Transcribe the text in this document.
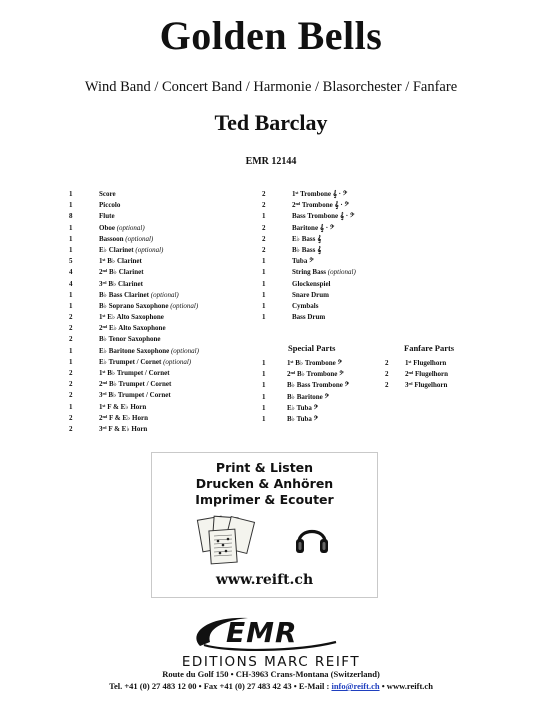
Golden Bells
Wind Band / Concert Band / Harmonie / Blasorchester / Fanfare
Ted Barclay
EMR 12144
1	Score
1	Piccolo
8	Flute
1	Oboe (optional)
1	Bassoon (optional)
1	E♭ Clarinet (optional)
5	1ˢᵗ B♭ Clarinet
4	2ⁿᵈ B♭ Clarinet
4	3ʳᵈ B♭ Clarinet
1	B♭ Bass Clarinet (optional)
1	B♭ Soprano Saxophone (optional)
2	1ˢᵗ E♭ Alto Saxophone
2	2ⁿᵈ E♭ Alto Saxophone
2	B♭ Tenor Saxophone
1	E♭ Baritone Saxophone (optional)
1	E♭ Trumpet / Cornet (optional)
2	1ˢᵗ B♭ Trumpet / Cornet
2	2ⁿᵈ B♭ Trumpet / Cornet
2	3ʳᵈ B♭ Trumpet / Cornet
1	1ˢᵗ F & E♭ Horn
2	2ⁿᵈ F & E♭ Horn
2	3ʳᵈ F & E♭ Horn
2	1ˢᵗ Trombone 𝄞 · 𝄢
2	2ⁿᵈ Trombone 𝄞 · 𝄢
1	Bass Trombone 𝄞 · 𝄢
2	Baritone 𝄞 · 𝄢
2	E♭ Bass 𝄞
2	B♭ Bass 𝄞
1	Tuba 𝄢
1	String Bass (optional)
1	Glockenspiel
1	Snare Drum
1	Cymbals
1	Bass Drum
Special Parts	Fanfare Parts
1	1ˢᵗ B♭ Trombone 𝄢
1	2ⁿᵈ B♭ Trombone 𝄢
1	B♭ Bass Trombone 𝄢
1	B♭ Baritone 𝄢
1	E♭ Tuba 𝄢
1	B♭ Tuba 𝄢
2	1ˢᵗ Flugelhorn
2	2ⁿᵈ Flugelhorn
2	3ʳᵈ Flugelhorn
Print & Listen
Drucken & Anhören
Imprimer & Ecouter
www.reift.ch
EMR
EDITIONS MARC REIFT
Route du Golf 150 • CH-3963 Crans-Montana (Switzerland)
Tel. +41 (0) 27 483 12 00 • Fax +41 (0) 27 483 42 43 • E-Mail : info@reift.ch • www.reift.ch
